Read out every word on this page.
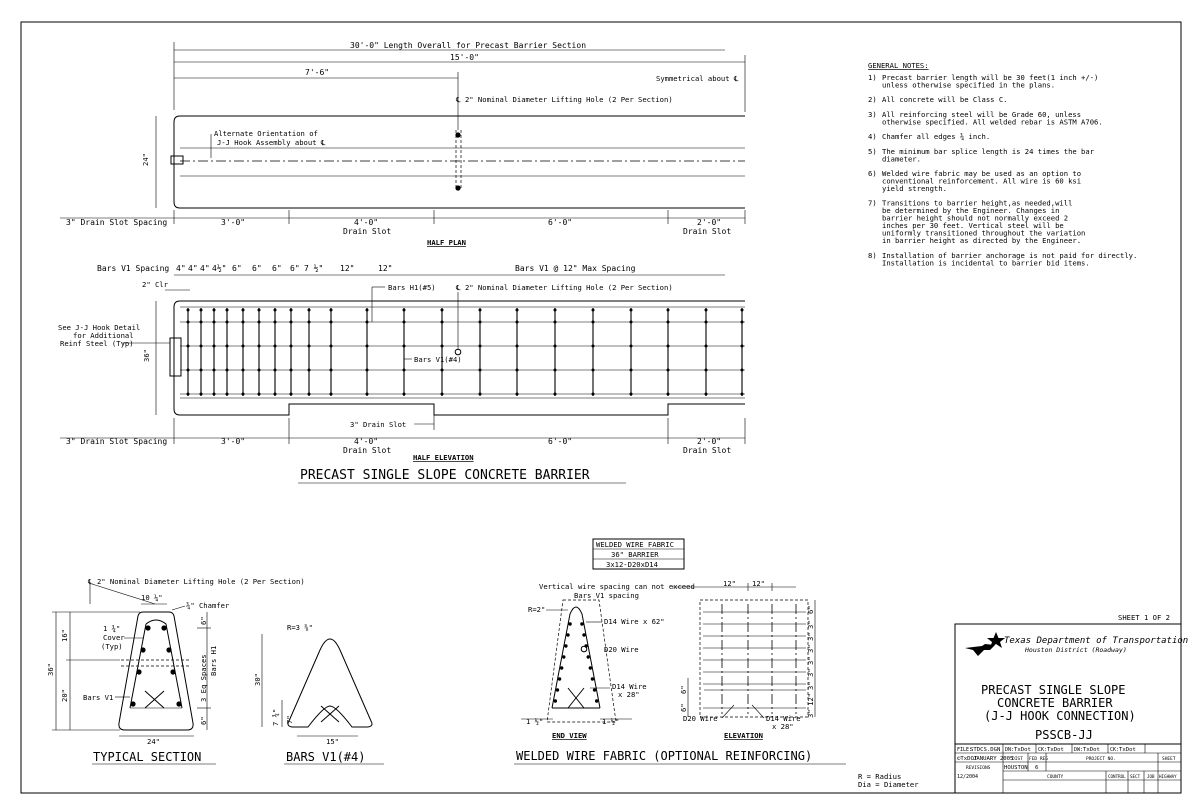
GENERAL NOTES:
1) Precast barrier length will be 30 feet(1 inch +/-)
unless otherwise specified in the plans.
2) All concrete will be Class C.
3) All reinforcing steel will be Grade 60, unless
otherwise specified. All welded rebar is ASTM A706.
4) Chamfer all edges ¾ inch.
5) The minimum bar splice length is 24 times the bar
diameter.
6) Welded wire fabric may be used as an option to
conventional reinforcement. All wire is 60 ksi
yield strength.
7) Transitions to barrier height,as needed,will
be determined by the Engineer. Changes in
barrier height should not normally exceed 2
inches per 30 feet. Vertical steel will be
uniformly transitioned throughout the variation
in barrier height as directed by the Engineer.
8) Installation of barrier anchorage is not paid for directly.
Installation is incidental to barrier bid items.
30'-0" Length Overall for Precast Barrier Section
15'-0"
7'-6"
Symmetrical about ℄
℄ 2" Nominal Diameter Lifting Hole (2 Per Section)
Alternate Orientation of
J-J Hook Assembly about ℄
24"
3" Drain Slot Spacing	3'-0"	4'-0"	6'-0"	2'-0"
Drain Slot	Drain Slot
HALF PLAN
Bars V1 Spacing 4" 4" 4" 4½" 6" 6" 6" 6" 7 ½" 12"	12"	Bars V1 @ 12" Max Spacing
2" Clr	Bars H1(#5)	℄ 2" Nominal Diameter Lifting Hole (2 Per Section)
Bars V1(#4)
See J-J Hook Detail
for Additional
Reinf Steel (Typ)
36"
3" Drain Slot
3" Drain Slot Spacing	3'-0"	4'-0"	6'-0"	2'-0"
Drain Slot	Drain Slot
HALF ELEVATION
PRECAST SINGLE SLOPE CONCRETE BARRIER
℄ 2" Nominal Diameter Lifting Hole (2 Per Section)
10 ¼"
¾" Chamfer
1 ¾"
Cover
(Typ)
Bars V1
36"
16"
20"
6"
6"
3 Eq Spaces Bars H1
24"
TYPICAL SECTION
R=3 ⅜"
30"
7 ¾" 7"
15"
BARS V1(#4)
WELDED WIRE FABRIC
36" BARRIER
3x12-D20xD14
Vertical wire spacing can not exceed
Bars V1 spacing
R=2"
D14 Wire x 62"
D20 Wire
D14 Wire
x 28"
1 ½"	1 ½"
END VIEW
12" 12"
6"
3"
3"
3"
3"
3"
3"
12"
3"
6"
6"
D20 Wire	D14 Wire
x 28"
ELEVATION
WELDED WIRE FABRIC (OPTIONAL REINFORCING)
R = Radius
Dia = Diameter
SHEET 1 OF 2
Texas Department of Transportation
Houston District (Roadway)
PRECAST SINGLE SLOPE
CONCRETE BARRIER
(J-J HOOK CONNECTION)
PSSCB-JJ
FILE:
STDCS.DGN DN: TxDot CK: TxDot DW: TxDot CK: TxDot
©TxDOT
JANUARY 2005
DIST FED REG	PROJECT NO.	SHEET
REVISIONS
12/2004
HOUSTON 6
COUNTY	CONTROL SECT JOB HIGHWAY
